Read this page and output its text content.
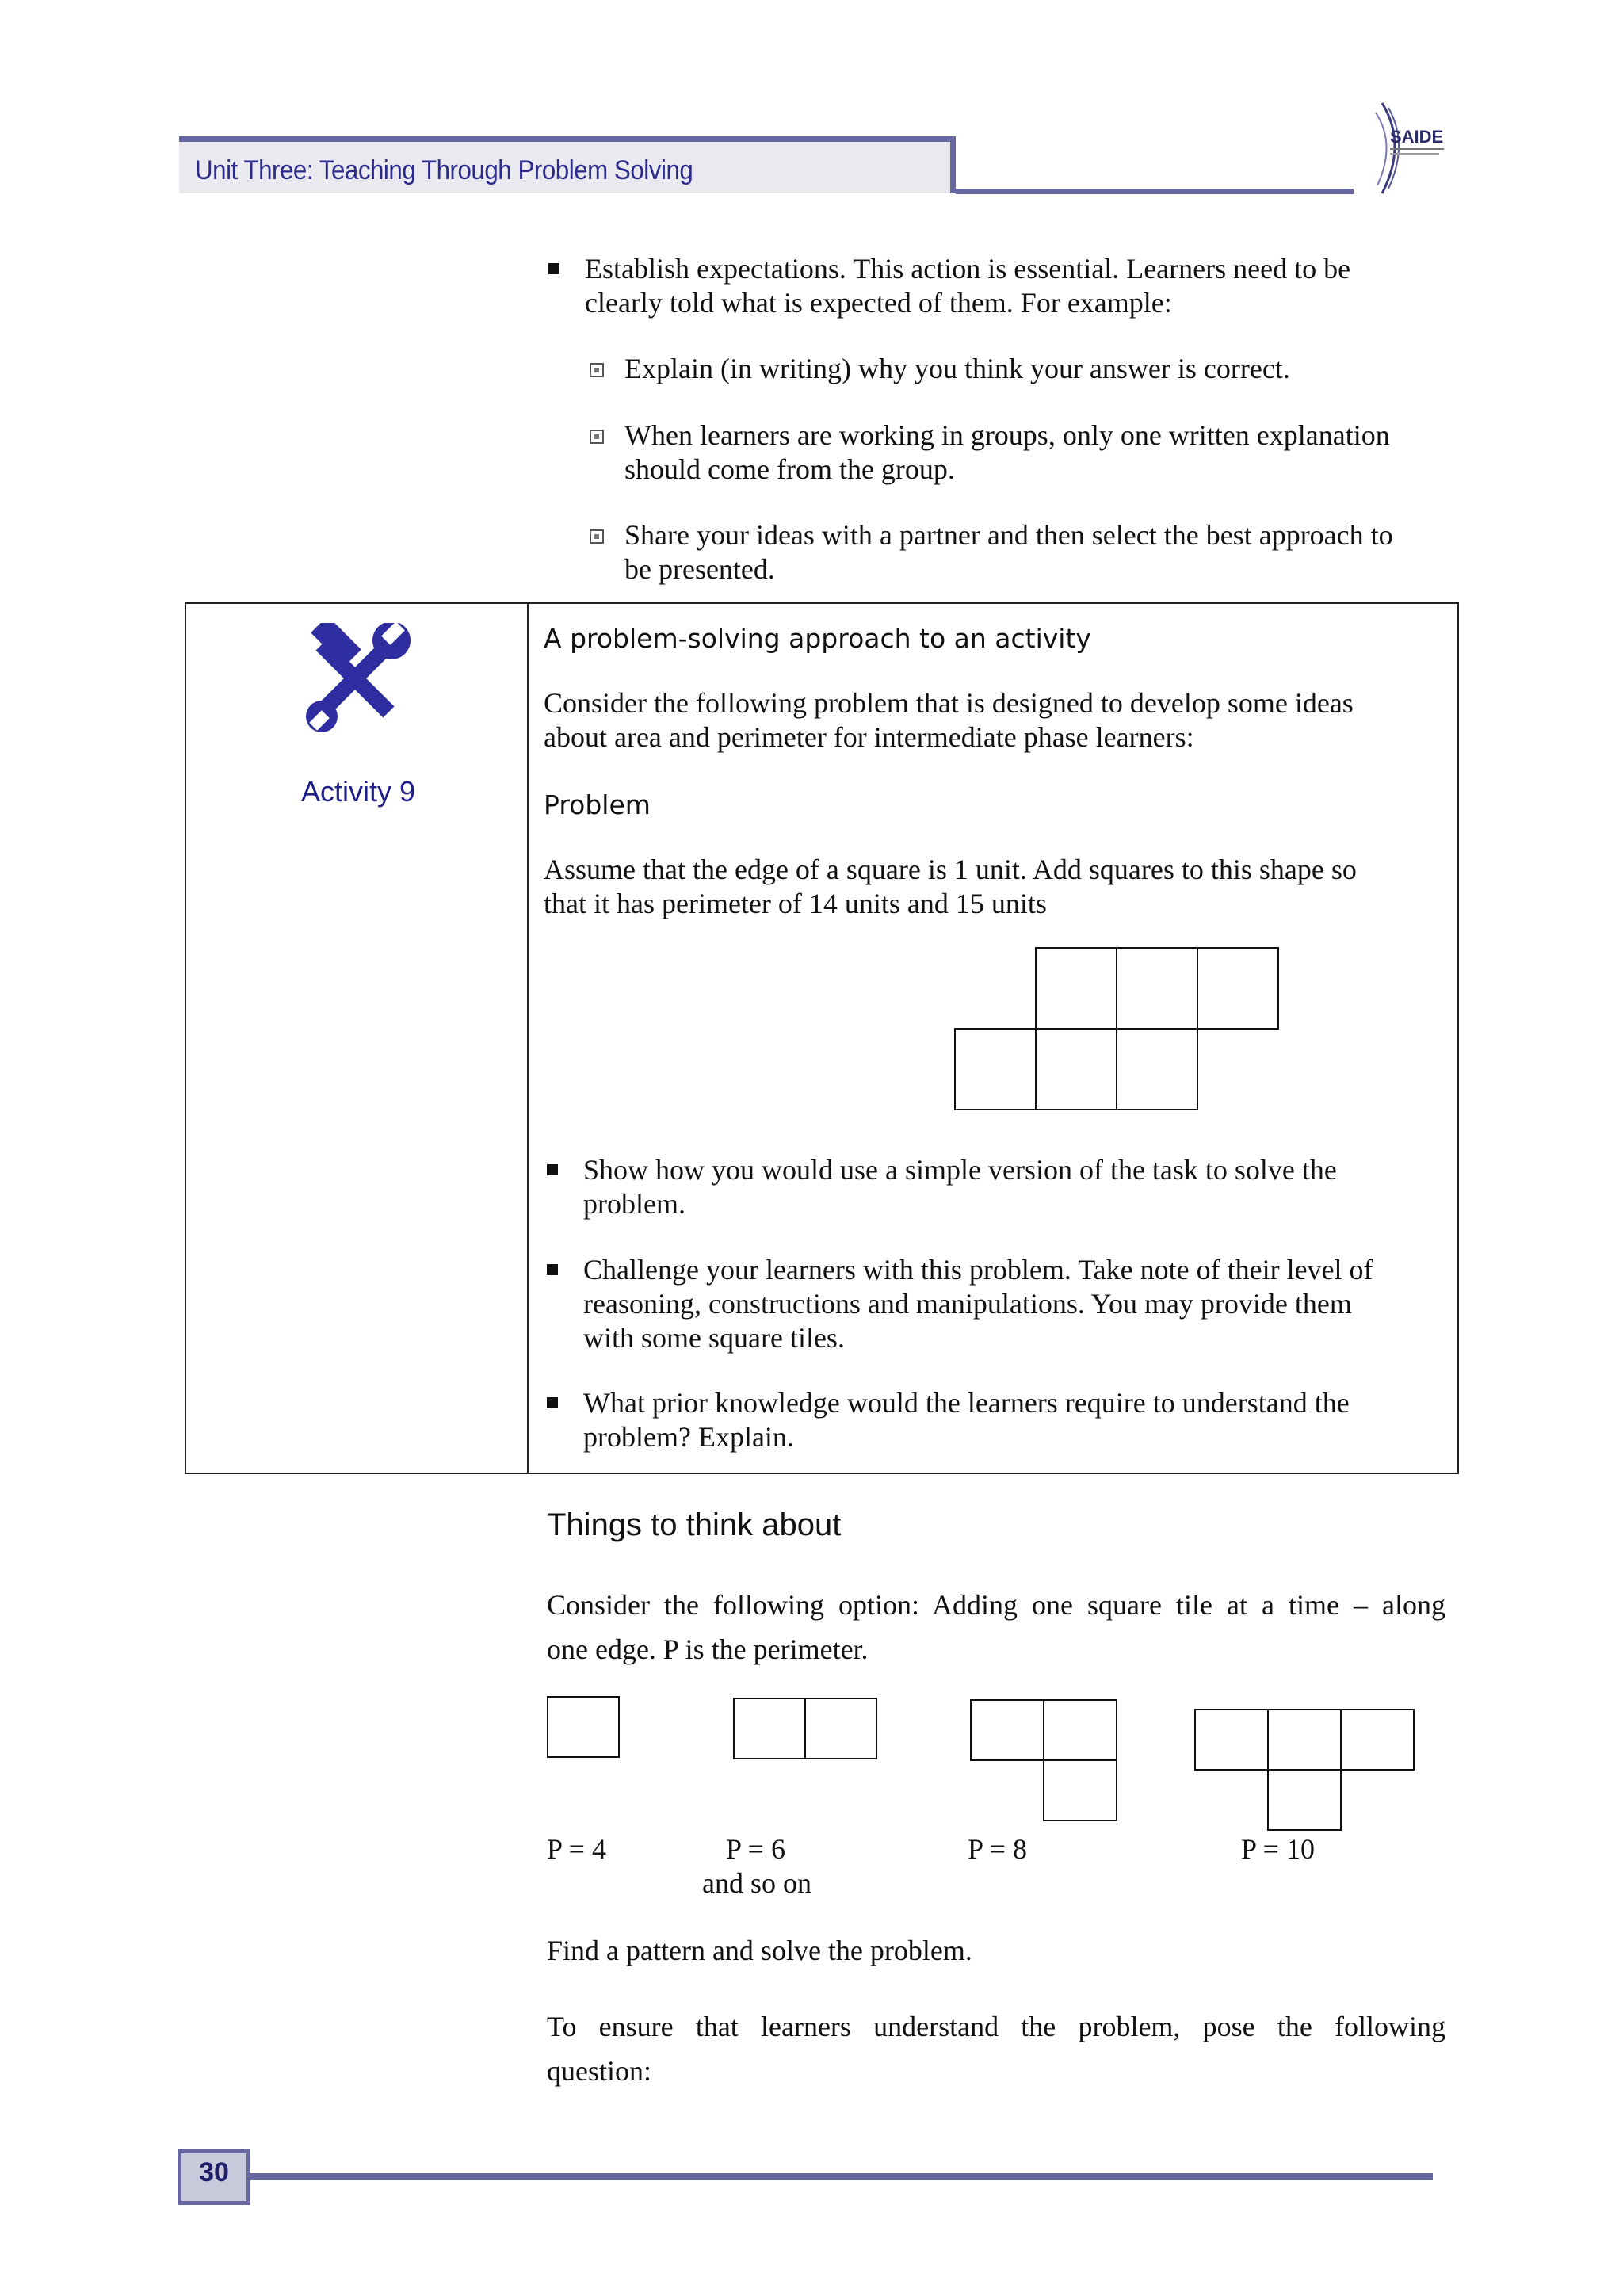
Unit Three: Teaching Through Problem Solving
SAIDE
Establish expectations. This action is essential. Learners need to be
clearly told what is expected of them. For example:
Explain (in writing) why you think your answer is correct.
When learners are working in groups, only one written explanation
should come from the group.
Share your ideas with a partner and then select the best approach to
be presented.
Activity 9
A problem-solving approach to an activity
Consider the following problem that is designed to develop some ideas
about area and perimeter for intermediate phase learners:
Problem
Assume that the edge of a square is 1 unit. Add squares to this shape so
that it has perimeter of 14 units and 15 units
Show how you would use a simple version of the task to solve the
problem.
Challenge your learners with this problem. Take note of their level of
reasoning, constructions and manipulations. You may provide them
with some square tiles.
What prior knowledge would the learners require to understand the
problem? Explain.
Things to think about
Consider the following option: Adding one square tile at a time – along
one edge. P is the perimeter.
P = 4	P = 6
and so on
P = 8	P = 10
Find a pattern and solve the problem.
To ensure that learners understand the problem, pose the following
question:
30
